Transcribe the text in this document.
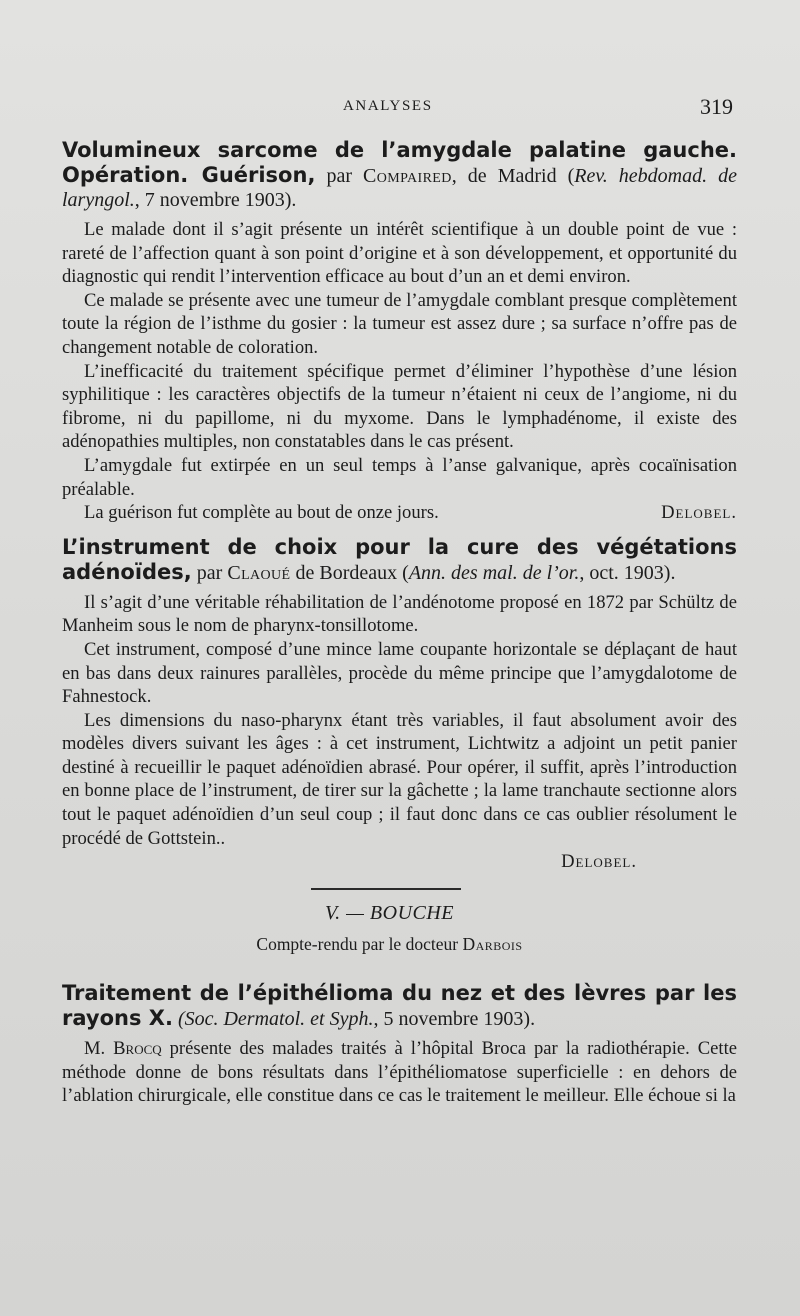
ANALYSES	319

Volumineux sarcome de l’amygdale palatine gauche. Opération. Guérison, par Compaired, de Madrid (Rev. hebdomad. de laryngol., 7 novembre 1903).

Le malade dont il s’agit présente un intérêt scientifique à un double point de vue : rareté de l’affection quant à son point d’origine et à son développement, et opportunité du diagnostic qui rendit l’intervention efficace au bout d’un an et demi environ.

Ce malade se présente avec une tumeur de l’amygdale comblant presque complètement toute la région de l’isthme du gosier : la tumeur est assez dure ; sa surface n’offre pas de changement notable de coloration.

L’inefficacité du traitement spécifique permet d’éliminer l’hypothèse d’une lésion syphilitique : les caractères objectifs de la tumeur n’étaient ni ceux de l’angiome, ni du fibrome, ni du papillome, ni du myxome. Dans le lymphadénome, il existe des adénopathies multiples, non constatables dans le cas présent.

L’amygdale fut extirpée en un seul temps à l’anse galvanique, après cocaïnisation préalable.

La guérison fut complète au bout de onze jours.	Delobel.

L’instrument de choix pour la cure des végétations adénoïdes, par Claoué de Bordeaux (Ann. des mal. de l’or., oct. 1903).

Il s’agit d’une véritable réhabilitation de l’andénotome proposé en 1872 par Schültz de Manheim sous le nom de pharynx-tonsillotome.

Cet instrument, composé d’une mince lame coupante horizontale se déplaçant de haut en bas dans deux rainures parallèles, procède du même principe que l’amygdalotome de Fahnestock.

Les dimensions du naso-pharynx étant très variables, il faut absolument avoir des modèles divers suivant les âges : à cet instrument, Lichtwitz a adjoint un petit panier destiné à recueillir le paquet adénoïdien abrasé. Pour opérer, il suffit, après l’introduction en bonne place de l’instrument, de tirer sur la gâchette ; la lame tranchaute sectionne alors tout le paquet adénoïdien d’un seul coup ; il faut donc dans ce cas oublier résolument le procédé de Gottstein..

Delobel.
V. — BOUCHE
Compte-rendu par le docteur Darbois

Traitement de l’épithélioma du nez et des lèvres par les rayons X. (Soc. Dermatol. et Syph., 5 novembre 1903).

M. Brocq présente des malades traités à l’hôpital Broca par la radiothérapie. Cette méthode donne de bons résultats dans l’épithéliomatose superficielle : en dehors de l’ablation chirurgicale, elle constitue dans ce cas le traitement le meilleur. Elle échoue si la
